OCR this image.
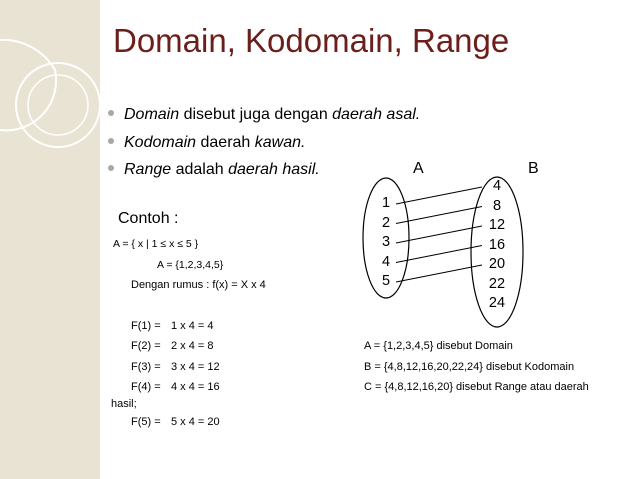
Domain, Kodomain, Range
Domain disebut juga dengan daerah asal.
Kodomain daerah kawan.
Range adalah daerah hasil.
Contoh :
A = { x | 1 ≤ x ≤ 5 }
A = {1,2,3,4,5}
Dengan rumus : f(x) = X x 4
F(1) = 1 x 4 = 4
F(2) = 2 x 4 = 8
F(3) = 3 x 4 = 12
F(4) = 4 x 4 = 16
hasil;
F(5) = 5 x 4 = 20
A	B
1
2
3
4
5
4
8
12
16
20
22
24
A = {1,2,3,4,5} disebut Domain
B = {4,8,12,16,20,22,24} disebut Kodomain
C = {4,8,12,16,20} disebut Range atau daerah
